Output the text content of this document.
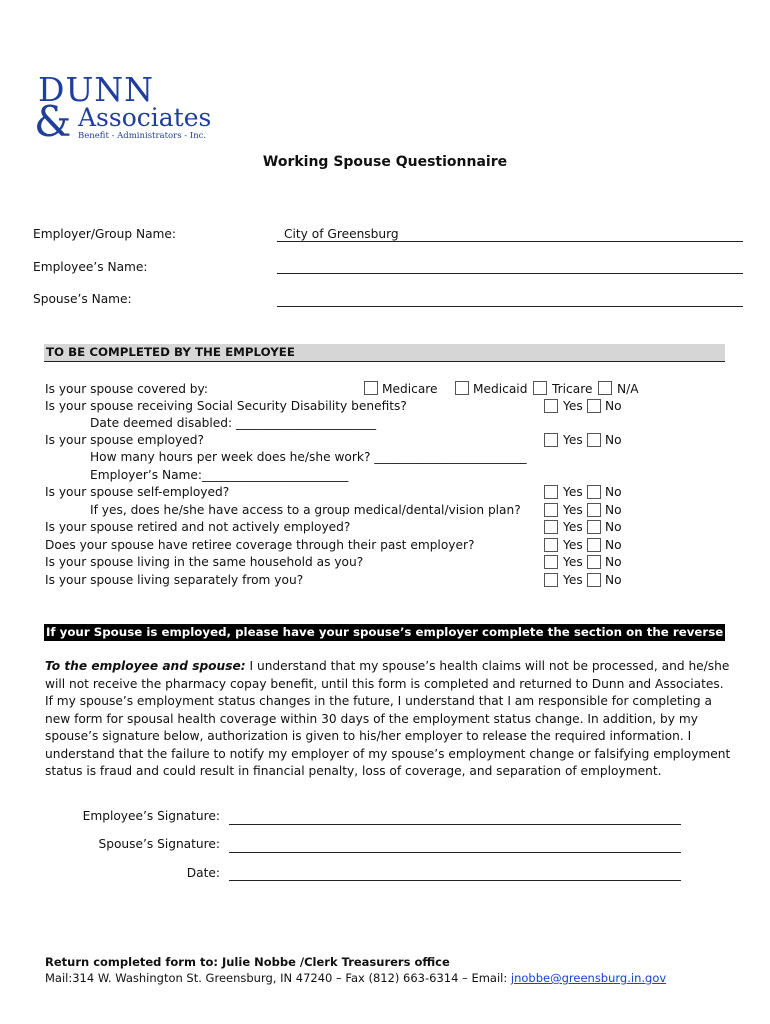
DUNN
& Associates
Benefit - Administrators - Inc.
Working Spouse Questionnaire
Employer/Group Name:	City of Greensburg
Employee’s Name:
Spouse’s Name:
TO BE COMPLETED BY THE EMPLOYEE
Is your spouse covered by:	Medicare	Medicaid Tricare N/A
Is your spouse receiving Social Security Disability benefits?	Yes No
Date deemed disabled: _______________________
Is your spouse employed?	Yes No
How many hours per week does he/she work? _________________________
Employer’s Name:________________________
Is your spouse self-employed?	Yes No
If yes, does he/she have access to a group medical/dental/vision plan?	Yes No
Is your spouse retired and not actively employed?	Yes No
Does your spouse have retiree coverage through their past employer?	Yes No
Is your spouse living in the same household as you?	Yes No
Is your spouse living separately from you?	Yes No
If your Spouse is employed, please have your spouse’s employer complete the section on the reverse side.
To the employee and spouse: I understand that my spouse’s health claims will not be processed, and he/she will not receive the pharmacy copay benefit, until this form is completed and returned to Dunn and Associates. If my spouse’s employment status changes in the future, I understand that I am responsible for completing a new form for spousal health coverage within 30 days of the employment status change. In addition, by my spouse’s signature below, authorization is given to his/her employer to release the required information. I understand that the failure to notify my employer of my spouse’s employment change or falsifying employment status is fraud and could result in financial penalty, loss of coverage, and separation of employment.
Employee’s Signature:
Spouse’s Signature:
Date:
Return completed form to: Julie Nobbe /Clerk Treasurers office
Mail:314 W. Washington St. Greensburg, IN 47240 – Fax (812) 663-6314 – Email: jnobbe@greensburg.in.gov
